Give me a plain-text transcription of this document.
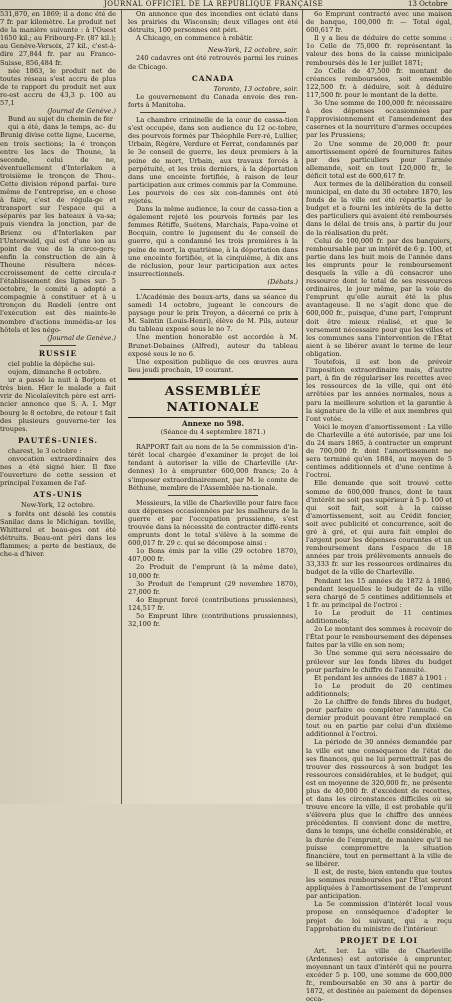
JOURNAL OFFICIEL DE LA RÉPUBLIQUE FRANÇAISE	13 Octobre

531,870, en 1869; il a donc été de 7 fr. par kilomètre. Le produit net de la manière suivante : à l'Ouest 1650 kil.; au Fribourg-Fr. (87 kil.); au Genève-Versoix, 27 kil., c'est-à-dire 27,844 fr. par au Franco-Suisse, 856,484 fr.

née 1863, le produit net de toutes réseau s'est accru de plus de te rapport du produit net aux re-est accru de 43,3 p. 100 au 57,1

(Journal de Genève.)

Bund au sujet du chemin de fer

qui a été, dans le temps, ac- du Brunig divise cette ligne, Lucerne, en trois sections; la é tronçon entre les lacs de Thoune, la seconde, celui de ne, éventuellement d'Interlaken a troisième le tronçon de Thou-. Cette division répond parfai- ture même de l'entreprise, en e chose à faire, c'est de régula-ge et transport sur l'espace qui a séparés par les bateaux à va-sa; puis viendra la jonction, par de Brienz ou d'Interlaken par l'Unterwald, qui est d'une ion au point de vue de la circo-gers; enfin la construction de ain à Thoune résultera néces-ccroissement de cette circula-r l'établissement des lignes sur- 5 octobre, le comité a adopté a compagnie à constituer et à u tronçon du Rœdeli (entre ont l'exécution est dès mainte-le nombre d'actions immédia-ar les hôtels et les négo-

(Journal de Genève.)

RUSSIE

ciel publie la dépêche sui-

oujom, dimanche 8 octobre.

ur a passé la nuit à Borjom et très bien. Hier le malade a fait vrir de Nicolaïevitch père est arri-ncier annonce que S. A. I. Mgr bourg le 8 octobre, de retour t fait des plusieurs gouverne-ter les troupes.

PAUTÉS-UNIES.

charest, le 3 octobre :

onvocation extraordinaire des nes a été signé hier. Il fixe l'ouverture de cette session et principal l'examen de l'af-

ATS-UNIS

New-York, 12 octobre.

s forêts ont désolé les comtés Sanilac dans le Michigan. teville, Whitterel et beau-ges ont été détruits. Beau-ont péri dans les flammes; a perte de bestiaux, de che-a d'hiver.

On annonce que des incendies ont éclaté dans les prairies du Wisconsin; deux villages ont été détruits, 100 personnes ont péri.

A Chicago, on commence à rebâtir.

New-York, 12 octobre, soir.

240 cadavres ont été retrouvés parmi les ruines de Chicago.

CANADA

Toronto, 13 octobre, soir.

Le gouvernement du Canada envoie des ren-forts à Manitoba.

La chambre criminelle de la cour de cassa-tion s'est occupée, dans son audience du 12 oc-tobre, des pourvois formés par Théophile Ferr-ré, Lullier, Urbain, Régère, Verdure et Ferrat, condamnés par le 3e conseil de guerre, les deux premiers à la peine de mort, Urbain, aux travaux forcés à perpétuité, et les trois derniers, à la déportation dans une enceinte fortifiée, à raison de leur participation aux crimes commis par la Commune. Les pourvois de ces six con-damnés ont été rejetés.

Dans la même audience, la cour de cassa-tion a également rejeté les pourvois formés par les femmes Rétiffe, Suétens, Marchais, Papa-voine et Bocquin, contre le jugement du 4e conseil de guerre, qui a condamné les trois premières à la peine de mort, la quatrième, à la déportation dans une enceinte fortifiée, et la cinquième, à dix ans de réclusion, pour leur participation aux actes insurrectionnels.

(Débats.)

L'Académie des beaux-arts, dans sa séance du samedi 14 octobre, jugeant le concours de paysage pour le prix Troyon, a décerné ce prix à M. Saintin (Louis-Henri), élève de M. Pils, auteur du tableau exposé sous le no 7.

Une mention honorable est accordée à M. Brunet-Debaines (Alfred), auteur du tableau exposé sous le no 6.

Une exposition publique de ces œuvres aura lieu jeudi prochain, 19 courant.

ASSEMBLÉE NATIONALE
Annexe no 598.
(Séance du 4 septembre 1871.)

RAPPORT fait au nom de la 5e commission d'in-térêt local chargée d'examiner le projet de loi tendant à autoriser la ville de Charleville (Ar-dennes) 1o à emprunter 600,000 francs; 2o à s'imposer extraordinairement, par M. le comte de Béthune, membre de l'Assemblée na-tionale.

Messieurs, la ville de Charleville pour faire face aux dépenses occasionnées par les malheurs de la guerre et par l'occupation prussienne, s'est trouvée dans la nécessité de contracter diffé-rents emprunts dont le total s'élève à la somme de 600,017 fr. 29 c. qui se décompose ainsi :

1o Bons émis par la ville (29 octobre 1870), 407,000 fr.

2o Produit de l'emprunt (à la même date), 10,000 fr.

3o Produit de l'emprunt (29 novembre 1870), 27,000 fr.

4o Emprunt forcé (contributions prussiennes), 124,517 fr.

5o Emprunt libre (contributions prussiennes), 32,100 fr.

6o Emprunt contracté avec une maison de banque, 100,000 fr. — Total égal, 600,617 fr.

Il y a lieu de déduire de cette somme : 1o Celle de 75,000 fr. représentant la valeur des bons de la caisse municipale remboursés dès le 1er juillet 1871;

2o Celle de 47,500 fr. montant de créances remboursées, soit ensemble 122,500 fr. à déduire, soit à déduire 117,500 fr. pour le montant de la dette.

3o Une somme de 100,000 fr. nécessaire à des dépenses occasionnées par l'approvisionnement et l'amendement des casernes et la nourriture d'armes occupées par les Prussiens;

2o Une somme de 20,000 fr. pour amortissement opéré de fournitures faites par des particuliers pour l'armée allemande, soit en tout 120,000 fr., le déficit total est de 600,617 fr.

Aux termes de la délibération du conseil municipal, en date du 30 octobre 1870, les fonds de la ville ont été répartis par le budget et a fourni les intérêts de la dette des particuliers qui avaient été remboursés dans le délai de trois ans, à partir du jour de la réalisation du prêt.

Celui de 100,000 fr. par des banquiers, remboursable par un intérêt de 6 p. 100, et partie dans les huit mois de l'année dans les emprunts pour le remboursement desquels la ville a dû consacrer une ressource dont le total de ses ressources ordinaires, le jour même, par la voie de l'emprunt qu'elle aurait été la plus avantageuse. Il ne s'agit donc que de 600,000 fr., puisque, d'une part, l'emprunt doit être mieux réalisé, et que le versement nécessaire pour que les villes et les communes sans l'intervention de l'État aient à se libérer avant le terme de leur obligation.

Toutefois, il est bon de prévoir l'imposition extraordinaire mais, d'autre part, à fin de régulariser les recettes avec les ressources de la ville, qui ont été arrêtées par les années normales, nous a paru la meilleure solution et la garantie à la signature de la ville et aux membres qui l'ont votée.

Voici le moyen d'amortissement : La ville de Charleville a été autorisée, par une loi du 24 mars 1865, à contracter un emprunt de 700,000 fr. dont l'amortissement ne sera terminé qu'en 1884, au moyen de 5 centimes additionnels et d'une centime à l'octroi.

Elle demande que soit trouvé cette somme de 600,000 francs, dont le taux d'intérêt ne soit pas supérieur à 5 p. 100 et qui soit fait, soit à la caisse d'amortissement, soit au Crédit foncier, soit avec publicité et concurrence, soit de gré à gré, et qui aura fait emploi de l'argent pour les dépenses courantes et un remboursement dans l'espace de 18 années par trois prélèvements annuels de 33,333 fr. sur les ressources ordinaires du budget de la ville de Charleville.

Pendant les 15 années de 1872 à 1886, pendant lesquelles le budget de la ville sera chargé de 5 centimes additionnels et 1 fr. au principal de l'octroi :

1o Le produit de 11 centimes additionnels;

2o Le montant des sommes à recevoir de l'État pour le remboursement des dépenses faites par la ville en son nom;

3o Une somme qui sera nécessaire de prélever sur les fonds libres du budget pour parfaire le chiffre de l'annuité.

Et pendant les années de 1887 à 1901 :

1o Le produit de 20 centimes additionnels;

2o Le chiffre de fonds libres du budget, pour parfaire ou compléter l'annuité. Ce dernier produit pouvant être remplacé en tout ou en partie par celui d'un dixième additionnel à l'octroi.

La période de 30 années demandée par la ville est une conséquence de l'état de ses finances, qui ne lui permettrait pas de trouver des ressources à son budget les ressources considérables, et le budget, qui est en moyenne de 320,000 fr., ne présente plus de 40,000 fr. d'excédent de recettes, et dans les circonstances difficiles où se trouve encore la ville, il est probable qu'il s'élèvera plus que le chiffre des années précédentes. Il convient donc de mettre, dans le temps, une échelle considérable, et la durée de l'emprunt, de manière qu'il ne puisse compromettre la situation financière, tout en permettant à la ville de se libérer.

Il est, de reste, bien entendu que toutes les sommes remboursées par l'État seront appliquées à l'amortissement de l'emprunt par anticipation.

La 5e commission d'intérêt local vous propose en conséquence d'adopter le projet de loi suivant, qui a reçu l'approbation du ministre de l'intérieur.

PROJET DE LOI

Art. 1er. La ville de Charleville (Ardennes) est autorisée à emprunter, moyennant un taux d'intérêt qui ne pourra excéder 5 p. 100, une somme de 600,000 fr., remboursable en 30 ans à partir de 1872, et destinée au paiement de dépenses occa-
